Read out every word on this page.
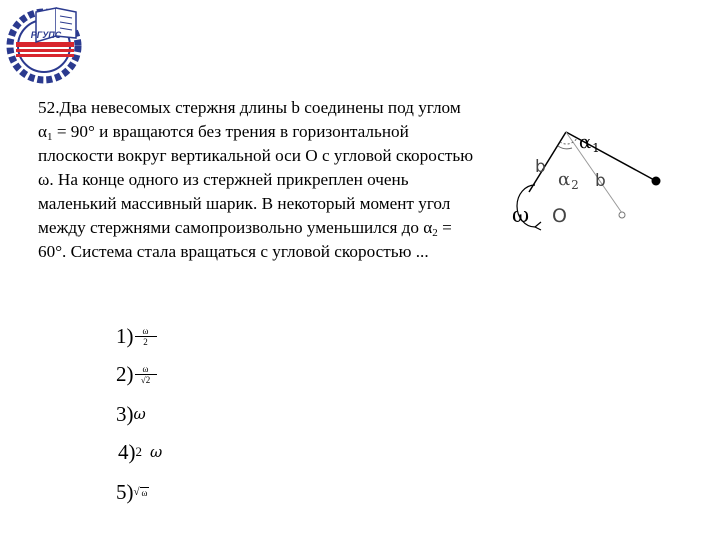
РГУПС

52.Два невесомых стержня длины b соединены под углом $\alpha_1 = 90^\circ$ и вращаются без трения в горизонтальной плоскости вокруг вертикальной оси О с угловой скоростью ω. На конце одного из стержней прикреплен очень маленький массивный шарик. В некоторый момент угол между стержнями самопроизвольно уменьшился до $\alpha_2 = 60^\circ$. Система стала вращаться с угловой скоростью ...

$\alpha_1$
$\alpha_2$
b
b
ω O
$1) \frac{\omega}{2}$
$2) \frac{\omega}{√2}$
3) ω
4) 2 ω
5) √ ω
